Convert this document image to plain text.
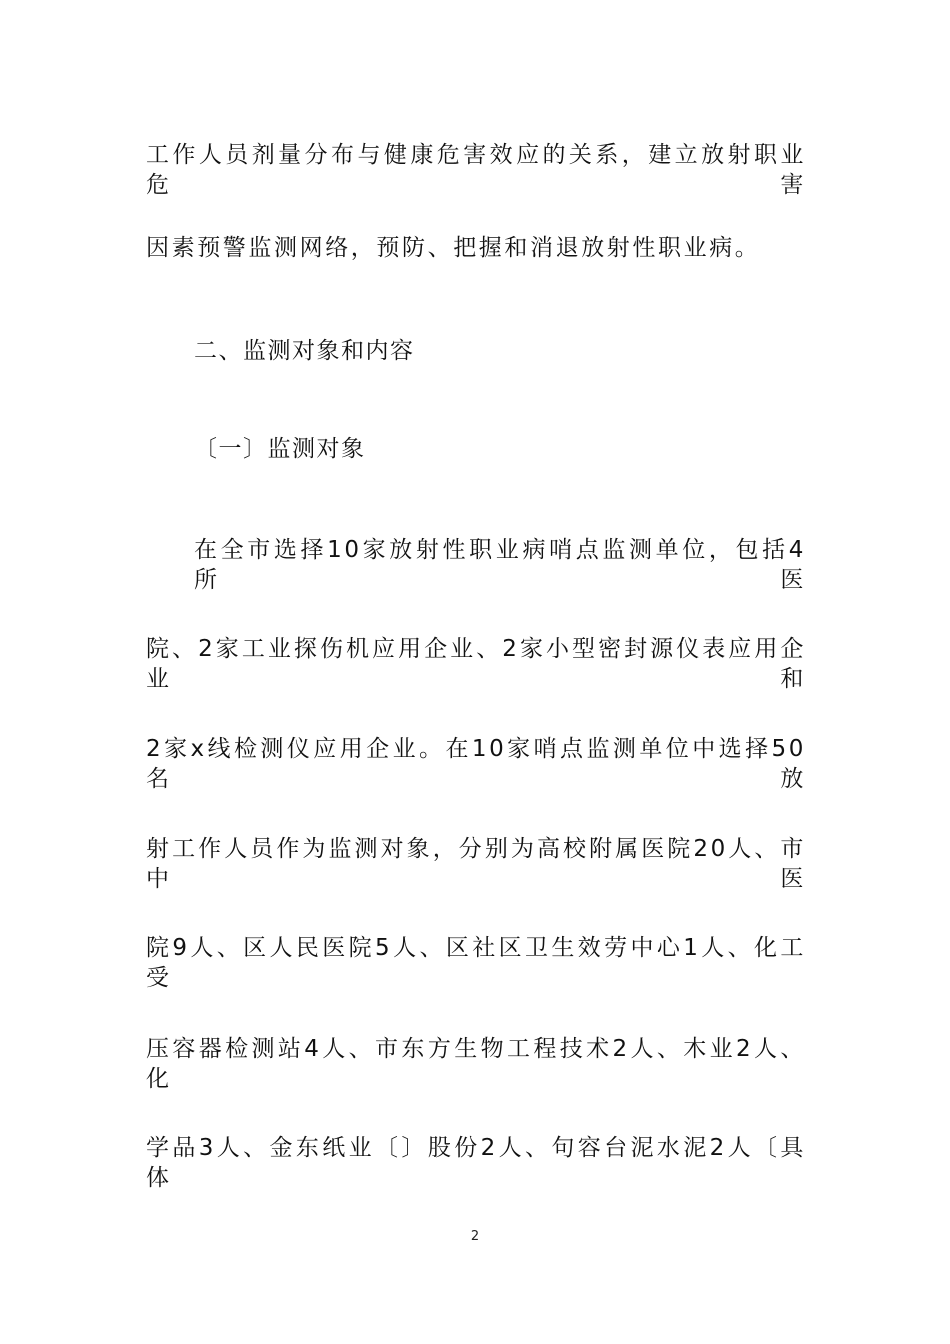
工作人员剂量分布与健康危害效应的关系，建立放射职业危害
因素预警监测网络，预防、把握和消退放射性职业病。
二、监测对象和内容
〔一〕监测对象
在全市选择10家放射性职业病哨点监测单位，包括4所医
院、2家工业探伤机应用企业、2家小型密封源仪表应用企业和
2家x线检测仪应用企业。在10家哨点监测单位中选择50名放
射工作人员作为监测对象，分别为高校附属医院20人、市中医
院9人、区人民医院5人、区社区卫生效劳中心1人、化工受
压容器检测站4人、市东方生物工程技术2人、木业2人、化
学品3人、金东纸业〔〕股份2人、句容台泥水泥2人〔具体
2
